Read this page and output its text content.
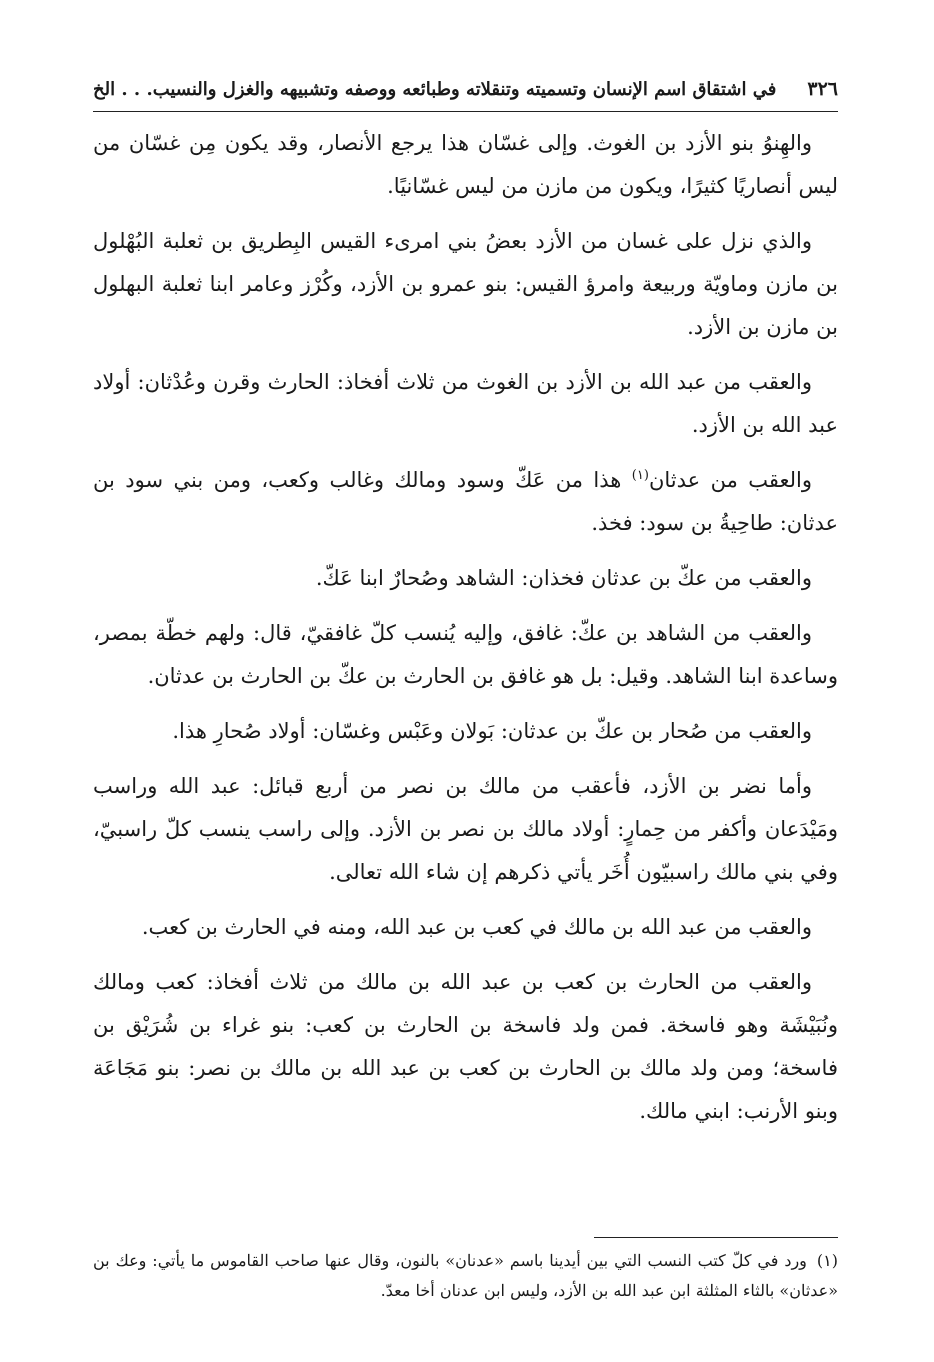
٣٢٦
في اشتقاق اسم الإنسان وتسميته وتنقلاته وطبائعه ووصفه وتشبيهه والغزل والنسيب. . . الخ

والهِنوُ بنو الأزد بن الغوث. وإلى غسّان هذا يرجع الأنصار، وقد يكون مِن غسّان من ليس أنصاريًا كثيرًا، ويكون من مازن من ليس غسّانيًا.

والذي نزل على غسان من الأزد بعضُ بني امرىء القيس البِطريق بن ثعلبة البُهْلول بن مازن وماويّة وربيعة وامرؤ القيس: بنو عمرو بن الأزد، وكُرْز وعامر ابنا ثعلبة البهلول بن مازن بن الأزد.

والعقب من عبد الله بن الأزد بن الغوث من ثلاث أفخاذ: الحارث وقرن وعُدْثان: أولاد عبد الله بن الأزد.

والعقب من عدثان$^{(١)}$ هذا من عَكّ وسود ومالك وغالب وكعب، ومن بني سود بن عدثان: طاحِيةُ بن سود: فخذ.

والعقب من عكّ بن عدثان فخذان: الشاهد وصُحارٌ ابنا عَكّ.

والعقب من الشاهد بن عكّ: غافق، وإليه يُنسب كلّ غافقيّ، قال: ولهم خطّة بمصر، وساعدة ابنا الشاهد. وقيل: بل هو غافق بن الحارث بن عكّ بن الحارث بن عدثان.

والعقب من صُحار بن عكّ بن عدثان: بَولان وعَبْس وغسّان: أولاد صُحارِ هذا.

وأما نضر بن الأزد، فأعقب من مالك بن نصر من أربع قبائل: عبد الله وراسب ومَيْدَعان وأكفر من حِمارٍ: أولاد مالك بن نصر بن الأزد. وإلى راسب ينسب كلّ راسبيّ، وفي بني مالك راسبيّون أُخَر يأتي ذكرهم إن شاء الله تعالى.

والعقب من عبد الله بن مالك في كعب بن عبد الله، ومنه في الحارث بن كعب.

والعقب من الحارث بن كعب بن عبد الله بن مالك من ثلاث أفخاذ: كعب ومالك ونُبَيْشَة وهو فاسخة. فمن ولد فاسخة بن الحارث بن كعب: بنو غراء بن شُرَيْق بن فاسخة؛ ومن ولد مالك بن الحارث بن كعب بن عبد الله بن مالك بن نصر: بنو مَجَاعَة وبنو الأرنب: ابني مالك.

(١)ورد في كلّ كتب النسب التي بين أيدينا باسم «عدنان» بالنون، وقال عنها صاحب القاموس ما يأتي: وعك بن «عدثان» بالثاء المثلثة ابن عبد الله بن الأزد، وليس ابن عدنان أخا معدّ.
